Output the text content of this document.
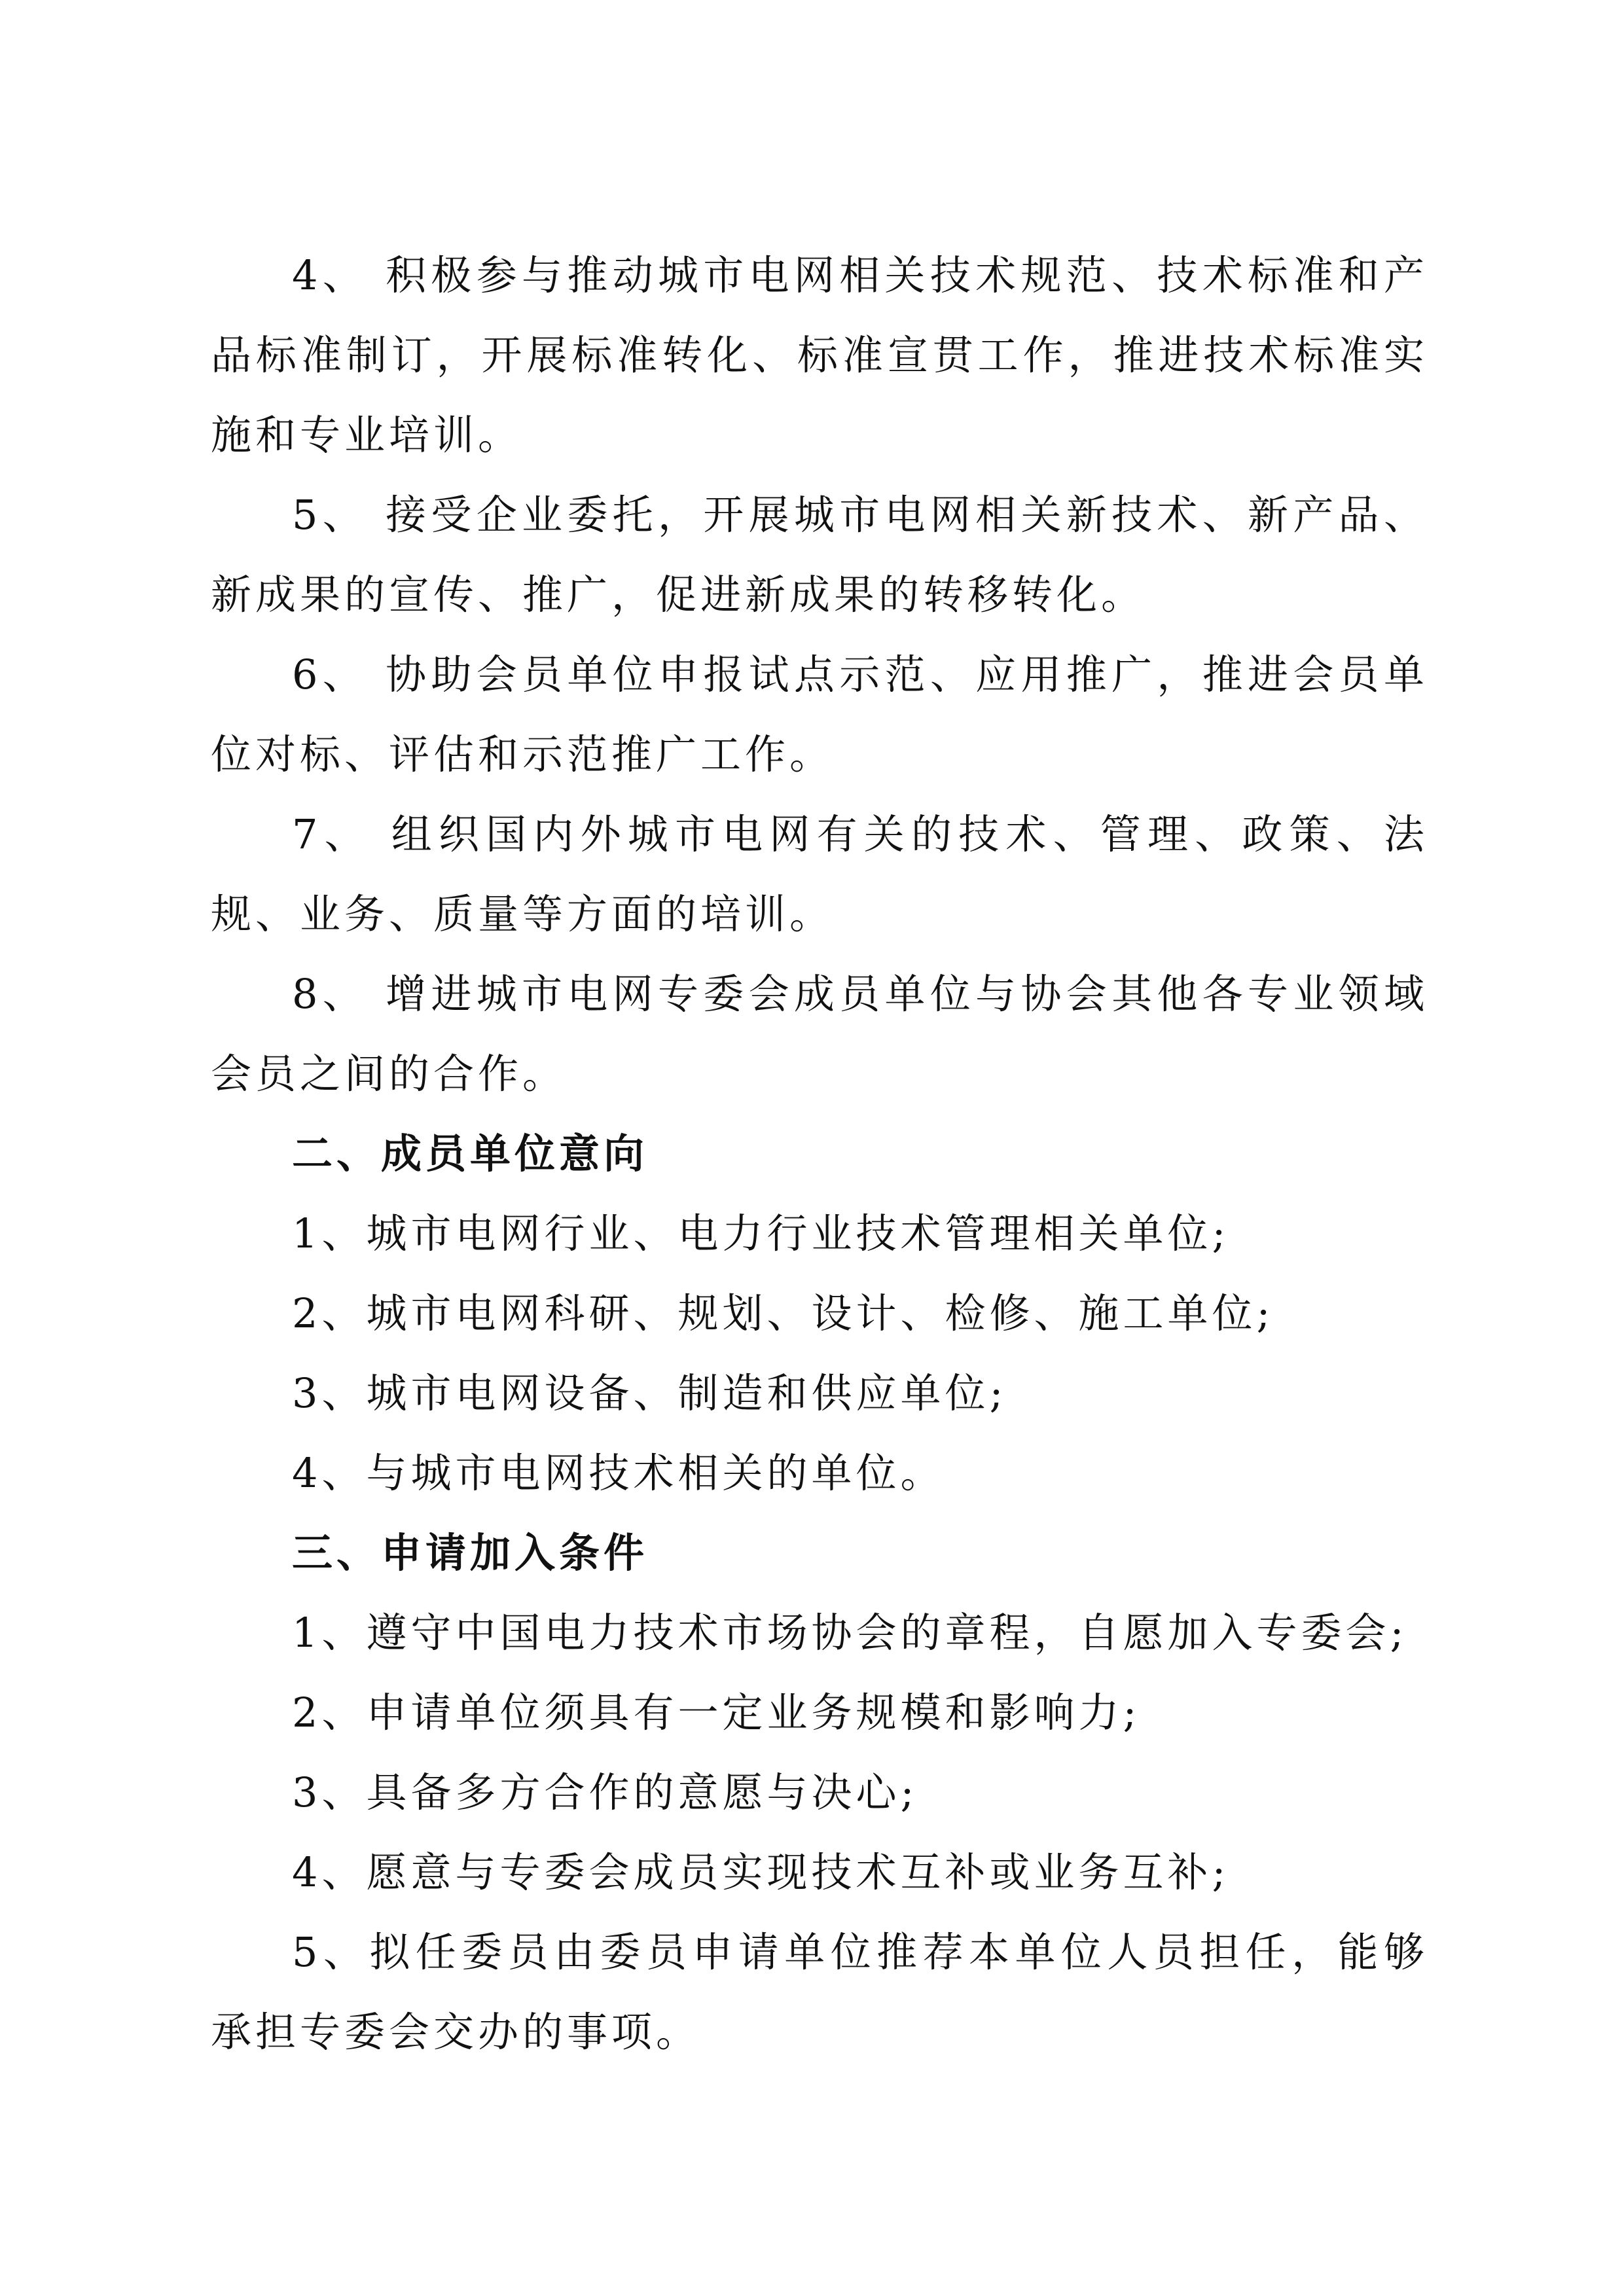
4、 积极参与推动城市电网相关技术规范、技术标准和产品标准制订，开展标准转化、标准宣贯工作，推进技术标准实施和专业培训。

5、 接受企业委托，开展城市电网相关新技术、新产品、新成果的宣传、推广，促进新成果的转移转化。

6、 协助会员单位申报试点示范、应用推广，推进会员单位对标、评估和示范推广工作。

7、 组织国内外城市电网有关的技术、管理、政策、法规、业务、质量等方面的培训。

8、 增进城市电网专委会成员单位与协会其他各专业领域会员之间的合作。

二、成员单位意向

1、城市电网行业、电力行业技术管理相关单位;

2、城市电网科研、规划、设计、检修、施工单位;

3、城市电网设备、制造和供应单位;

4、与城市电网技术相关的单位。

三、申请加入条件

1、遵守中国电力技术市场协会的章程，自愿加入专委会;

2、申请单位须具有一定业务规模和影响力;

3、具备多方合作的意愿与决心;

4、愿意与专委会成员实现技术互补或业务互补;

5、拟任委员由委员申请单位推荐本单位人员担任，能够承担专委会交办的事项。
